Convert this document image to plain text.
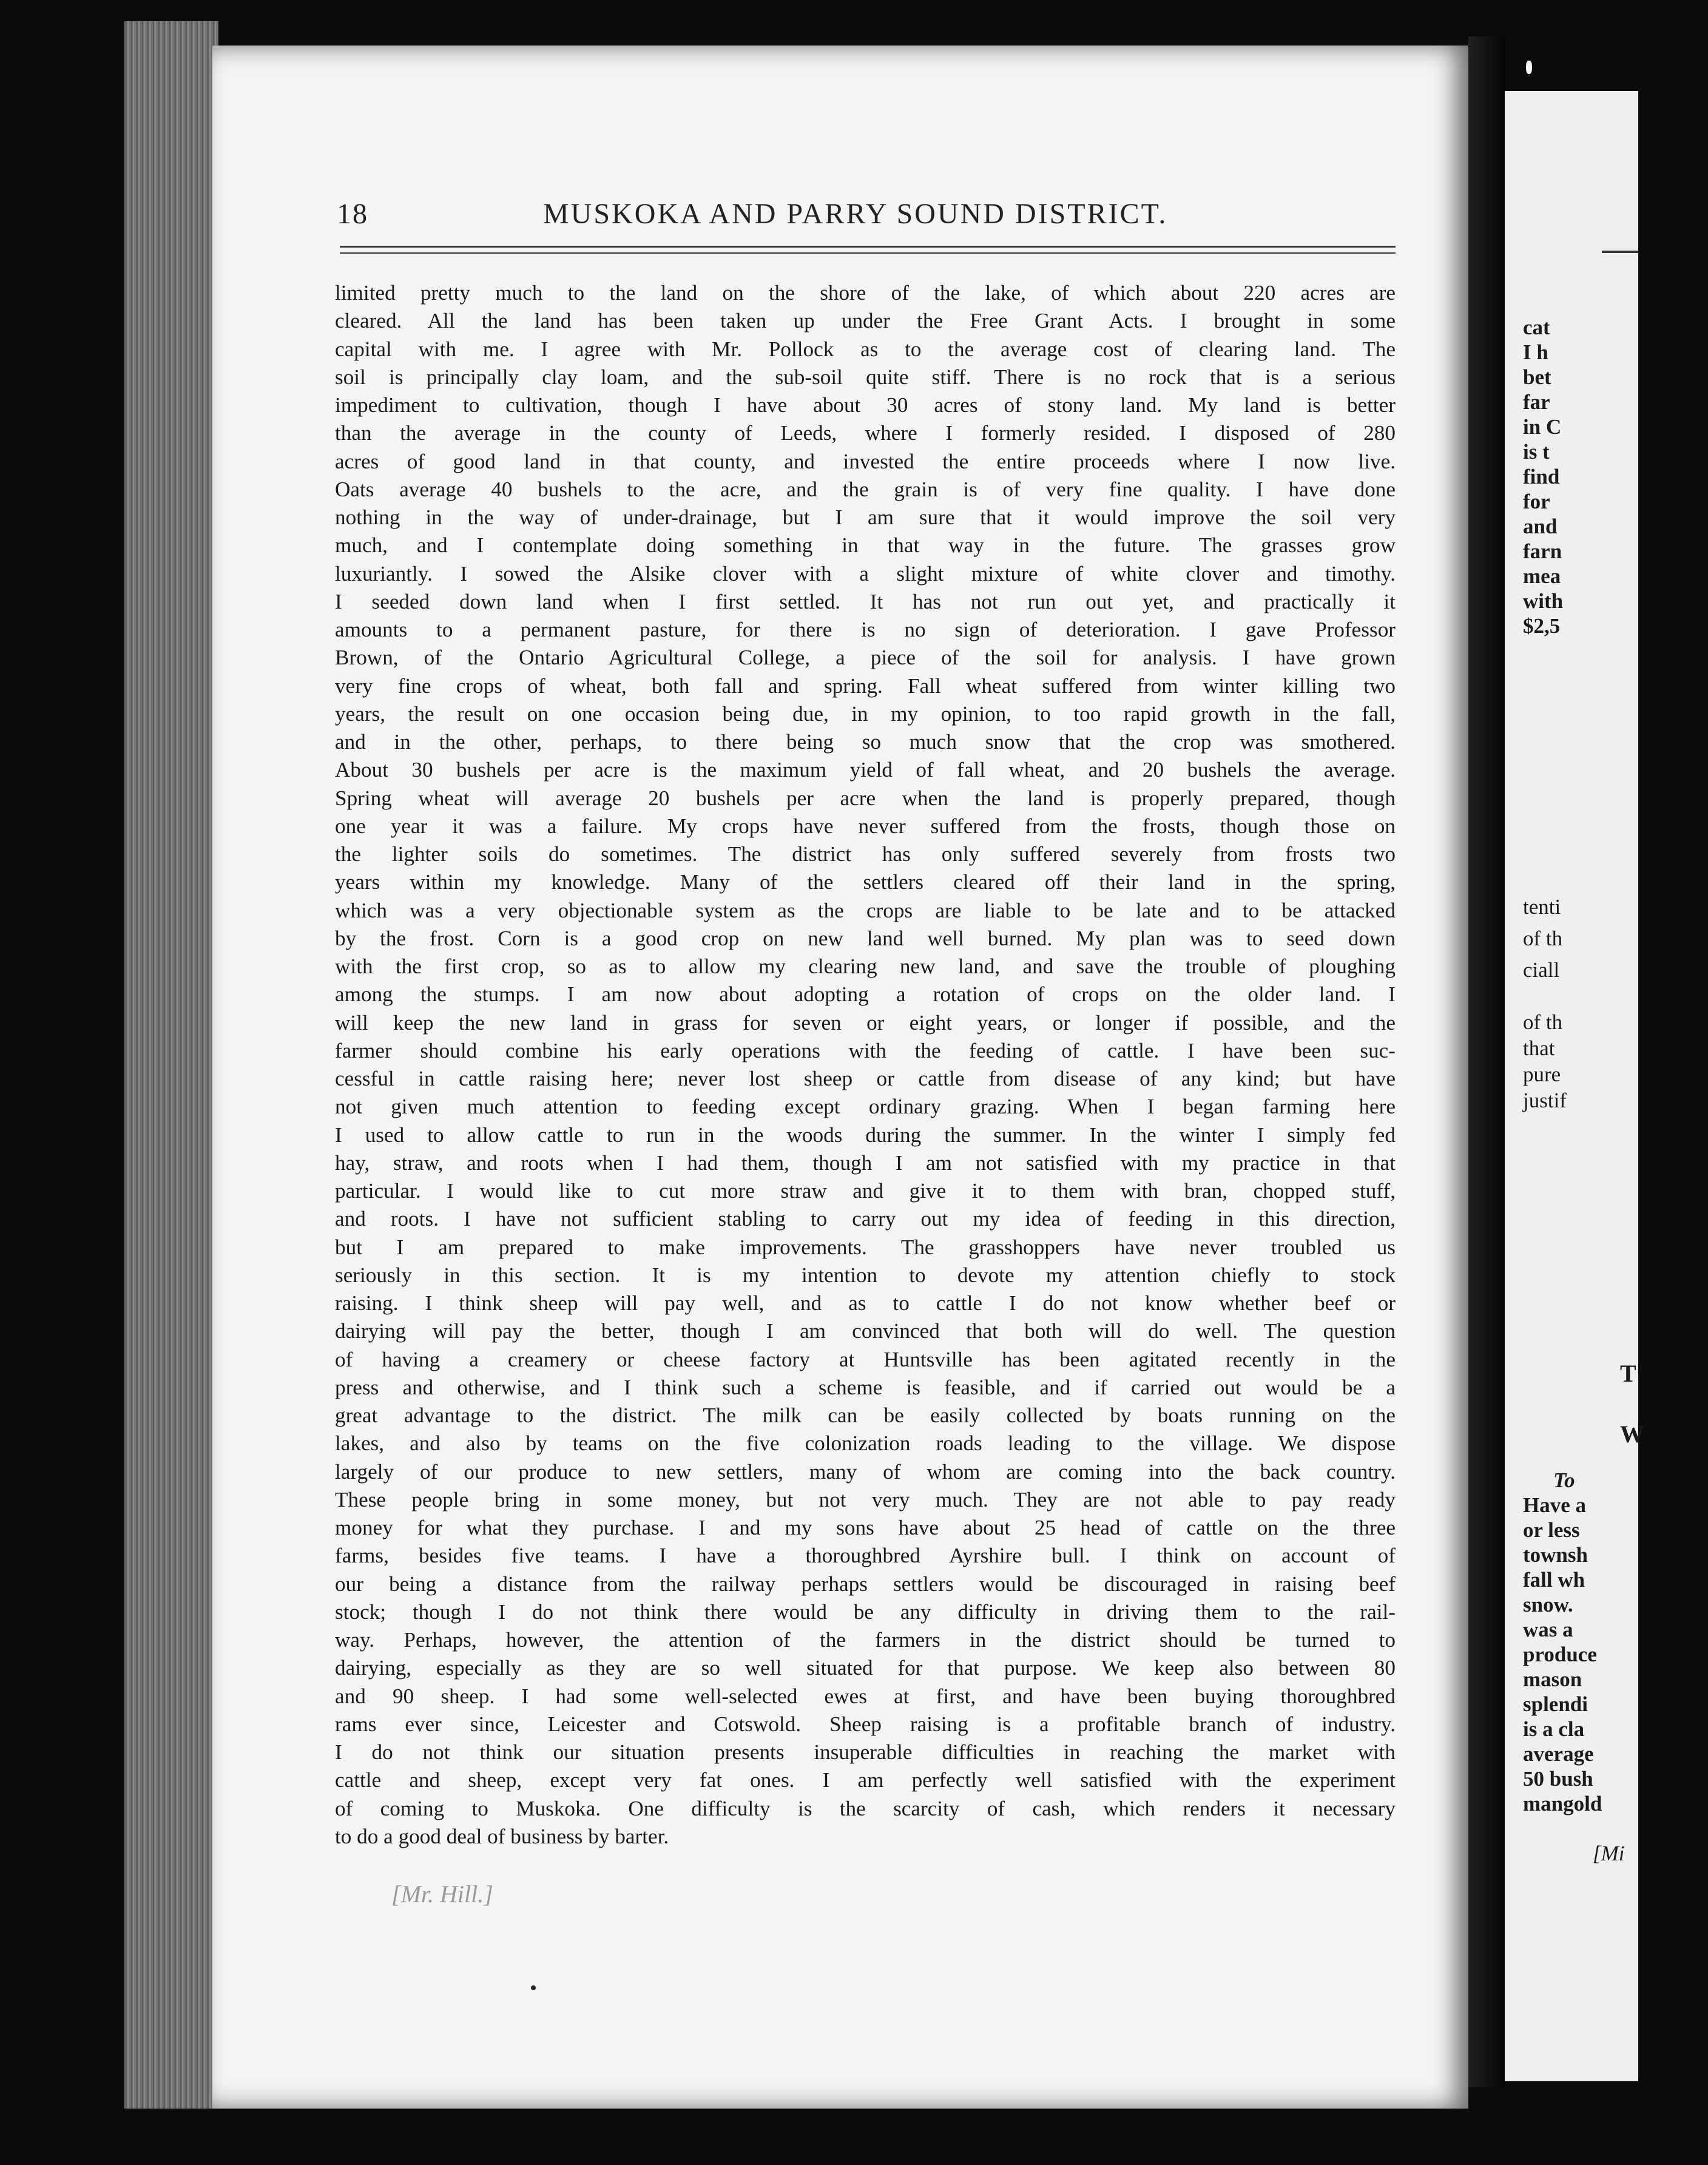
18	MUSKOKA AND PARRY SOUND DISTRICT.
limited pretty much to the land on the shore of the lake, of which about 220 acres are
cleared. All the land has been taken up under the Free Grant Acts. I brought in some
capital with me. I agree with Mr. Pollock as to the average cost of clearing land. The
soil is principally clay loam, and the sub-soil quite stiff. There is no rock that is a serious
impediment to cultivation, though I have about 30 acres of stony land. My land is better
than the average in the county of Leeds, where I formerly resided. I disposed of 280
acres of good land in that county, and invested the entire proceeds where I now live.
Oats average 40 bushels to the acre, and the grain is of very fine quality. I have done
nothing in the way of under-drainage, but I am sure that it would improve the soil very
much, and I contemplate doing something in that way in the future. The grasses grow
luxuriantly. I sowed the Alsike clover with a slight mixture of white clover and timothy.
I seeded down land when I first settled. It has not run out yet, and practically it
amounts to a permanent pasture, for there is no sign of deterioration. I gave Professor
Brown, of the Ontario Agricultural College, a piece of the soil for analysis. I have grown
very fine crops of wheat, both fall and spring. Fall wheat suffered from winter killing two
years, the result on one occasion being due, in my opinion, to too rapid growth in the fall,
and in the other, perhaps, to there being so much snow that the crop was smothered.
About 30 bushels per acre is the maximum yield of fall wheat, and 20 bushels the average.
Spring wheat will average 20 bushels per acre when the land is properly prepared, though
one year it was a failure. My crops have never suffered from the frosts, though those on
the lighter soils do sometimes. The district has only suffered severely from frosts two
years within my knowledge. Many of the settlers cleared off their land in the spring,
which was a very objectionable system as the crops are liable to be late and to be attacked
by the frost. Corn is a good crop on new land well burned. My plan was to seed down
with the first crop, so as to allow my clearing new land, and save the trouble of ploughing
among the stumps. I am now about adopting a rotation of crops on the older land. I
will keep the new land in grass for seven or eight years, or longer if possible, and the
farmer should combine his early operations with the feeding of cattle. I have been suc-
cessful in cattle raising here; never lost sheep or cattle from disease of any kind; but have
not given much attention to feeding except ordinary grazing. When I began farming here
I used to allow cattle to run in the woods during the summer. In the winter I simply fed
hay, straw, and roots when I had them, though I am not satisfied with my practice in that
particular. I would like to cut more straw and give it to them with bran, chopped stuff,
and roots. I have not sufficient stabling to carry out my idea of feeding in this direction,
but I am prepared to make improvements. The grasshoppers have never troubled us
seriously in this section. It is my intention to devote my attention chiefly to stock
raising. I think sheep will pay well, and as to cattle I do not know whether beef or
dairying will pay the better, though I am convinced that both will do well. The question
of having a creamery or cheese factory at Huntsville has been agitated recently in the
press and otherwise, and I think such a scheme is feasible, and if carried out would be a
great advantage to the district. The milk can be easily collected by boats running on the
lakes, and also by teams on the five colonization roads leading to the village. We dispose
largely of our produce to new settlers, many of whom are coming into the back country.
These people bring in some money, but not very much. They are not able to pay ready
money for what they purchase. I and my sons have about 25 head of cattle on the three
farms, besides five teams. I have a thoroughbred Ayrshire bull. I think on account of
our being a distance from the railway perhaps settlers would be discouraged in raising beef
stock; though I do not think there would be any difficulty in driving them to the rail-
way. Perhaps, however, the attention of the farmers in the district should be turned to
dairying, especially as they are so well situated for that purpose. We keep also between 80
and 90 sheep. I had some well-selected ewes at first, and have been buying thoroughbred
rams ever since, Leicester and Cotswold. Sheep raising is a profitable branch of industry.
I do not think our situation presents insuperable difficulties in reaching the market with
cattle and sheep, except very fat ones. I am perfectly well satisfied with the experiment
of coming to Muskoka. One difficulty is the scarcity of cash, which renders it necessary
to do a good deal of business by barter.
[Mr. Hill.]
cat
I h
bet
far
in C
is t
find
for
and
farn
mea
with
$2,5
tenti
of th
ciall
of th
that
pure
justif
T
W
To
Have a
or less
townsh
fall wh
snow.
was a
produce
mason
splendi
is a cla
average
50 bush
mangold
[Mi
